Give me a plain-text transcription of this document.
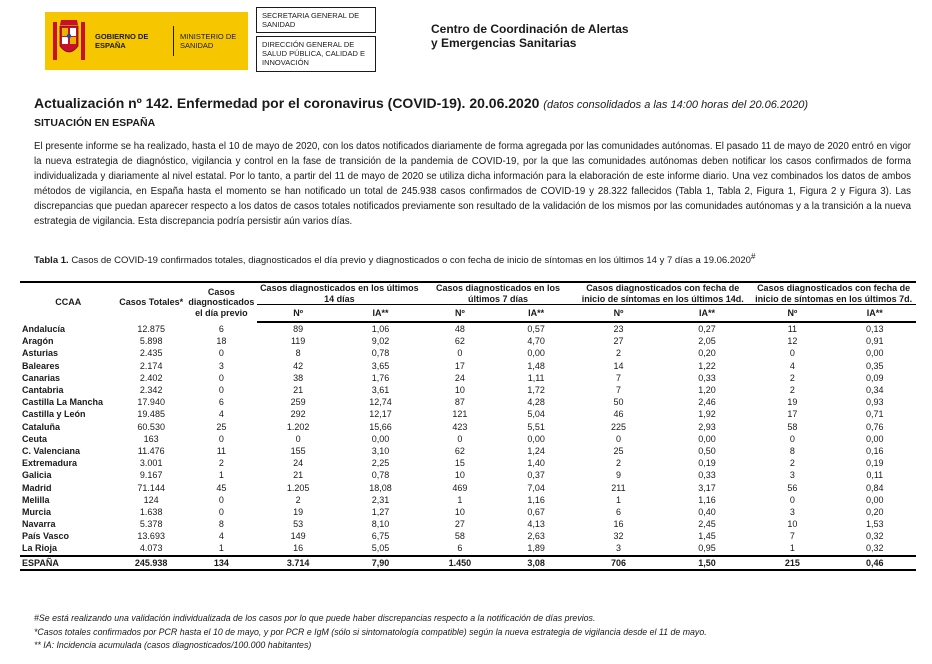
GOBIERNO DE ESPAÑA
MINISTERIO DE SANIDAD
SECRETARIA GENERAL DE SANIDAD
DIRECCIÓN GENERAL DE SALUD PÚBLICA, CALIDAD E INNOVACIÓN
Centro de Coordinación de Alertas y Emergencias Sanitarias
Actualización nº 142. Enfermedad por el coronavirus (COVID-19). 20.06.2020 (datos consolidados a las 14:00 horas del 20.06.2020)
SITUACIÓN EN ESPAÑA
El presente informe se ha realizado, hasta el 10 de mayo de 2020, con los datos notificados diariamente de forma agregada por las comunidades autónomas. El pasado 11 de mayo de 2020 entró en vigor la nueva estrategia de diagnóstico, vigilancia y control en la fase de transición de la pandemia de COVID-19, por la que las comunidades autónomas deben notificar los casos confirmados de forma individualizada y diariamente al nivel estatal. Por lo tanto, a partir del 11 de mayo de 2020 se utiliza dicha información para la elaboración de este informe diario. Una vez combinados los datos de ambos métodos de vigilancia, en España hasta el momento se han notificado un total de 245.938 casos confirmados de COVID-19 y 28.322 fallecidos (Tabla 1, Tabla 2, Figura 1, Figura 2 y Figura 3). Las discrepancias que puedan aparecer respecto a los datos de casos totales notificados previamente son resultado de la validación de los mismos por las comunidades autónomas y a la transición a la nueva estrategia de vigilancia. Esta discrepancia podría persistir aún varios días.
Tabla 1. Casos de COVID-19 confirmados totales, diagnosticados el día previo y diagnosticados o con fecha de inicio de síntomas en los últimos 14 y 7 días a 19.06.2020#
CCAA	Casos Totales*	Casos diagnosticados el día previo	Casos diagnosticados en los últimos 14 días		Casos diagnosticados en los últimos 7 días		Casos diagnosticados con fecha de inicio de síntomas en los últimos 14d.		Casos diagnosticados con fecha de inicio de síntomas en los últimos 7d.	
			Nº	IA**	Nº	IA**	Nº	IA**	Nº	IA**
Andalucía	12.875	6	89	1,06	48	0,57	23	0,27	11	0,13
Aragón	5.898	18	119	9,02	62	4,70	27	2,05	12	0,91
Asturias	2.435	0	8	0,78	0	0,00	2	0,20	0	0,00
Baleares	2.174	3	42	3,65	17	1,48	14	1,22	4	0,35
Canarias	2.402	0	38	1,76	24	1,11	7	0,33	2	0,09
Cantabria	2.342	0	21	3,61	10	1,72	7	1,20	2	0,34
Castilla La Mancha	17.940	6	259	12,74	87	4,28	50	2,46	19	0,93
Castilla y León	19.485	4	292	12,17	121	5,04	46	1,92	17	0,71
Cataluña	60.530	25	1.202	15,66	423	5,51	225	2,93	58	0,76
Ceuta	163	0	0	0,00	0	0,00	0	0,00	0	0,00
C. Valenciana	11.476	11	155	3,10	62	1,24	25	0,50	8	0,16
Extremadura	3.001	2	24	2,25	15	1,40	2	0,19	2	0,19
Galicia	9.167	1	21	0,78	10	0,37	9	0,33	3	0,11
Madrid	71.144	45	1.205	18,08	469	7,04	211	3,17	56	0,84
Melilla	124	0	2	2,31	1	1,16	1	1,16	0	0,00
Murcia	1.638	0	19	1,27	10	0,67	6	0,40	3	0,20
Navarra	5.378	8	53	8,10	27	4,13	16	2,45	10	1,53
País Vasco	13.693	4	149	6,75	58	2,63	32	1,45	7	0,32
La Rioja	4.073	1	16	5,05	6	1,89	3	0,95	1	0,32
ESPAÑA	245.938	134	3.714	7,90	1.450	3,08	706	1,50	215	0,46
#Se está realizando una validación individualizada de los casos por lo que puede haber discrepancias respecto a la notificación de días previos.
*Casos totales confirmados por PCR hasta el 10 de mayo, y por PCR e IgM (sólo si sintomatología compatible) según la nueva estrategia de vigilancia desde el 11 de mayo.
** IA: Incidencia acumulada (casos diagnosticados/100.000 habitantes)
